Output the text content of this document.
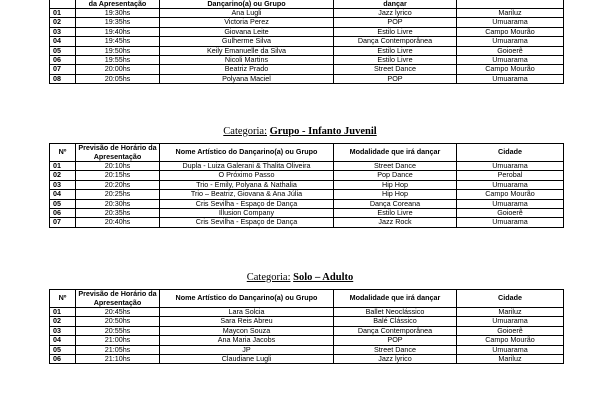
	da Apresentação	Dançarino(a) ou Grupo	dançar	
01	19:30hs	Ana Lugli	Jazz lyrico	Mariluz
02	19:35hs	Victoria Perez	POP	Umuarama
03	19:40hs	Giovana Leite	Estilo Livre	Campo Mourão
04	19:45hs	Gulherme Silva	Dança Contemporânea	Umuarama
05	19:50hs	Keily Emanuelle da Silva	Estilo Livre	Goioerê
06	19:55hs	Nicoli Martins	Estilo Livre	Umuarama
07	20:00hs	Beatriz Prado	Street Dance	Campo Mourão
08	20:05hs	Polyana Maciel	POP	Umuarama
Categoria: Grupo - Infanto Juvenil
Nº	Previsão de Horário da Apresentação	Nome Artístico do Dançarino(a) ou Grupo	Modalidade que irá dançar	Cidade
01	20:10hs	Dupla - Luiza Galerani & Thalita Oliveira	Street Dance	Umuarama
02	20:15hs	O Próximo Passo	Pop Dance	Perobal
03	20:20hs	Trio - Emily, Polyana & Nathalia	Hip Hop	Umuarama
04	20:25hs	Trio – Beatriz, Giovana & Ana Júlia	Hip Hop	Campo Mourão
05	20:30hs	Cris Sevilha - Espaço de Dança	Dança Coreana	Umuarama
06	20:35hs	Illusion Company	Estilo Livre	Goioerê
07	20:40hs	Cris Sevilha - Espaço de Dança	Jazz Rock	Umuarama
Categoria: Solo – Adulto
Nº	Previsão de Horário da Apresentação	Nome Artístico do Dançarino(a) ou Grupo	Modalidade que irá dançar	Cidade
01	20:45hs	Lara Solcia	Ballet Neoclássico	Mariluz
02	20:50hs	Sara Reis Abreu	Balé Clássico	Umuarama
03	20:55hs	Maycon Souza	Dança Contemporânea	Goioerê
04	21:00hs	Ana Maria Jacobs	POP	Campo Mourão
05	21:05hs	JP	Street Dance	Umuarama
06	21:10hs	Claudiane Lugli	Jazz lyrico	Mariluz
